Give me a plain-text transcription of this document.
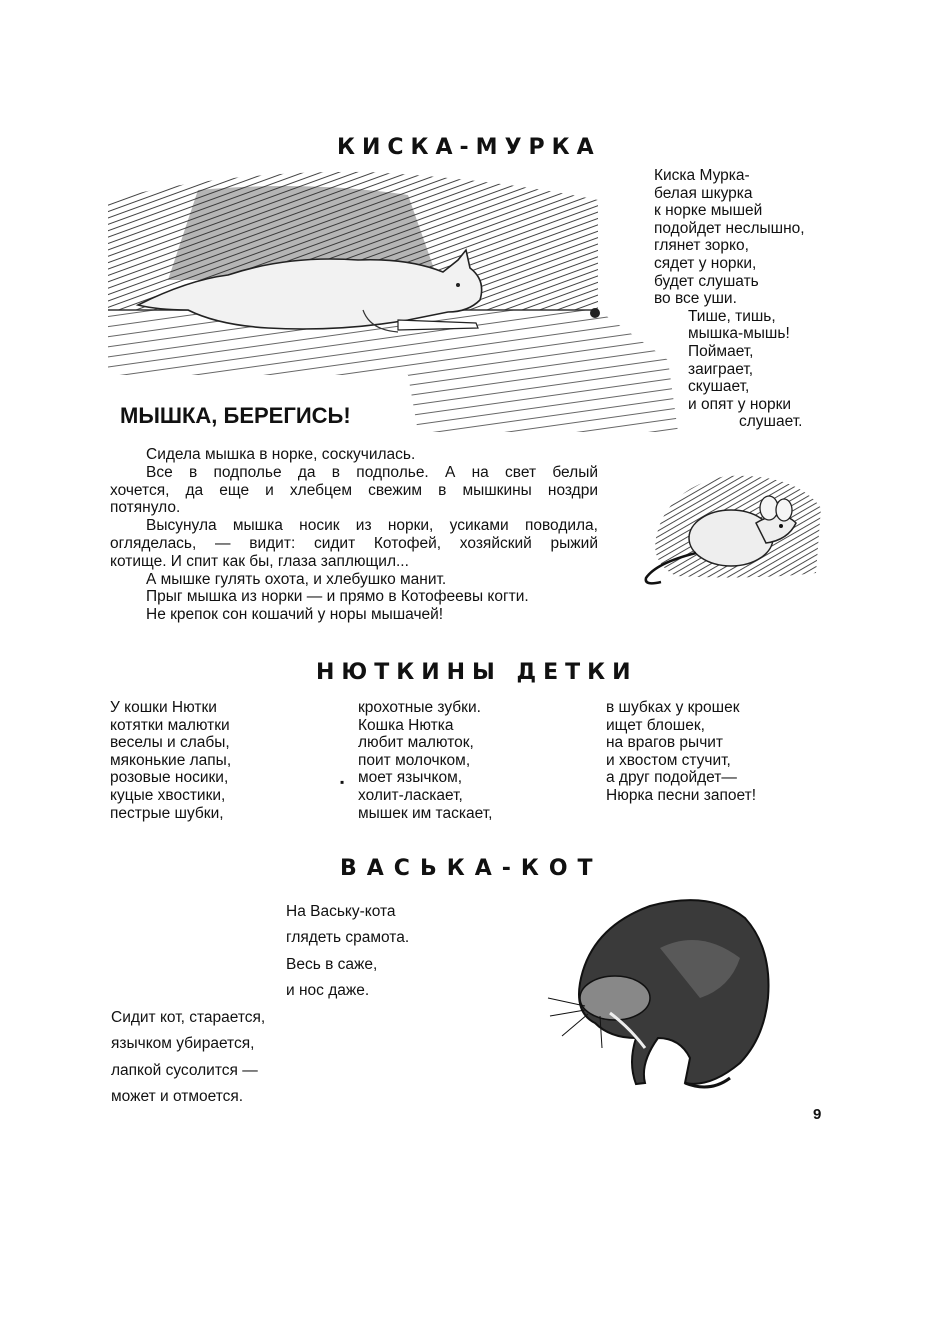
КИСКА-МУРКА
МЫШКА, БЕРЕГИСЬ!
НЮТКИНЫ ДЕТКИ
ВАСЬКА-КОТ
Киска Мурка-
белая шкурка
к норке мышей
подойдет неслышно,
глянет зорко,
сядет у норки,
будет слушать
во все уши.
Тише, тишь,
мышка-мышь!
Поймает,
заиграет,
скушает,
и опят у норки
слушает.
Сидела мышка в норке, соскучилась.
Все в подполье да в подполье. А на свет белый
хочется, да еще и хлебцем свежим в мышкины ноздри
потянуло.
Высунула мышка носик из норки, усиками поводила,
огляделась, — видит: сидит Котофей, хозяйский рыжий
котище. И спит как бы, глаза заплющил...
А мышке гулять охота, и хлебушко манит.
Прыг мышка из норки — и прямо в Котофеевы когти.
Не крепок сон кошачий у норы мышачей!
У кошки Нютки
котятки малютки
веселы и слабы,
мяконькие лапы,
розовые носики,
куцые хвостики,
пестрые шубки,
крохотные зубки.
Кошка Нютка
любит малюток,
поит молочком,
моет язычком,
холит-ласкает,
мышек им таскает,
▪
в шубках у крошек
ищет блошек,
на врагов рычит
и хвостом стучит,
а друг подойдет—
Нюрка песни запоет!
На Ваську-кота
глядеть срамота.
Весь в саже,
и нос даже.
Сидит кот, старается,
язычком убирается,
лапкой сусолится —
может и отмоется.
9
